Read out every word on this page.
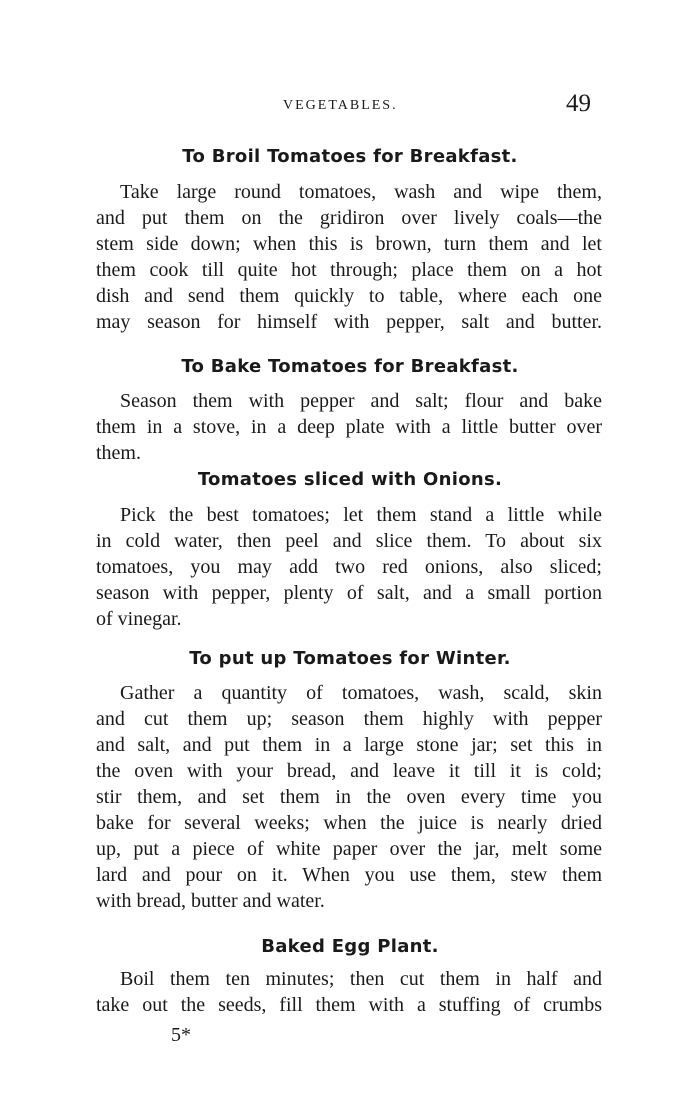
VEGETABLES.	49
To Broil Tomatoes for Breakfast.
Take large round tomatoes, wash and wipe them,
and put them on the gridiron over lively coals—the
stem side down; when this is brown, turn them and let
them cook till quite hot through; place them on a hot
dish and send them quickly to table, where each one
may season for himself with pepper, salt and butter.
To Bake Tomatoes for Breakfast.
Season them with pepper and salt; flour and bake
them in a stove, in a deep plate with a little butter over
them.
Tomatoes sliced with Onions.
Pick the best tomatoes; let them stand a little while
in cold water, then peel and slice them. To about six
tomatoes, you may add two red onions, also sliced;
season with pepper, plenty of salt, and a small portion
of vinegar.
To put up Tomatoes for Winter.
Gather a quantity of tomatoes, wash, scald, skin
and cut them up; season them highly with pepper
and salt, and put them in a large stone jar; set this in
the oven with your bread, and leave it till it is cold;
stir them, and set them in the oven every time you
bake for several weeks; when the juice is nearly dried
up, put a piece of white paper over the jar, melt some
lard and pour on it. When you use them, stew them
with bread, butter and water.
Baked Egg Plant.
Boil them ten minutes; then cut them in half and
take out the seeds, fill them with a stuffing of crumbs
5*
